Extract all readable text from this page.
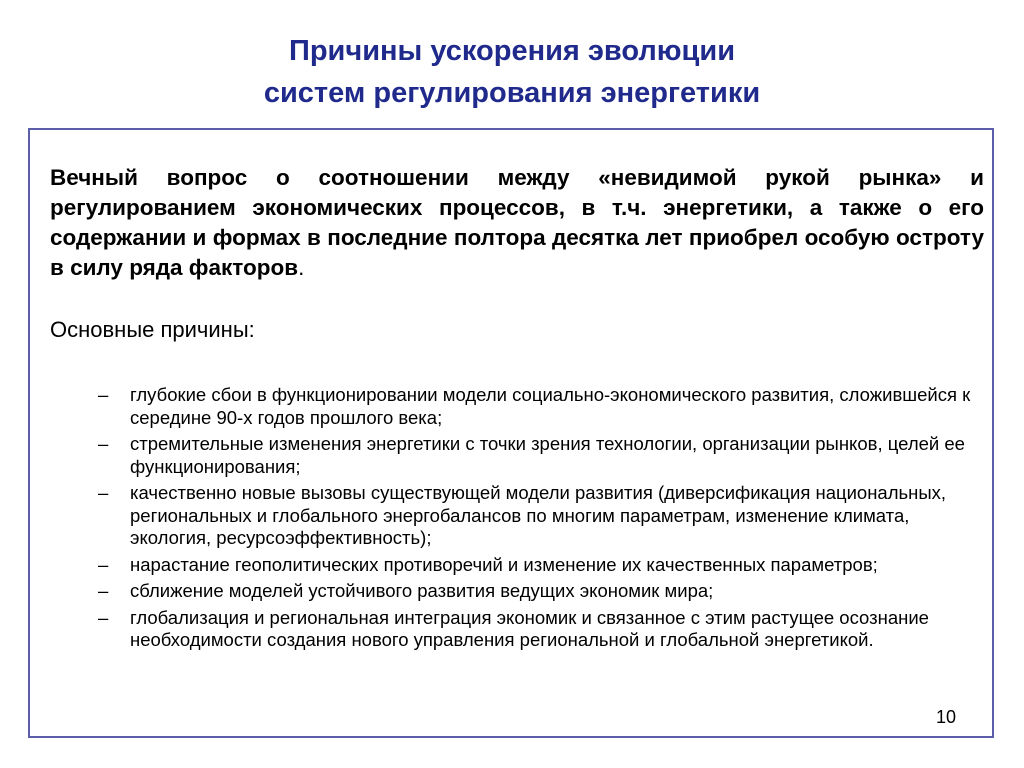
Причины ускорения эволюции
систем регулирования энергетики

Вечный вопрос о соотношении между «невидимой рукой рынка» и регулированием экономических процессов, в т.ч. энергетики, а также о его содержании и формах в последние полтора десятка лет приобрел особую остроту в силу ряда факторов.

Основные причины:

– глубокие сбои в функционировании модели социально-экономического развития, сложившейся к середине 90-х годов прошлого века;
– стремительные изменения энергетики с точки зрения технологии, организации рынков, целей ее функционирования;
– качественно новые вызовы существующей модели развития (диверсификация национальных, региональных и глобального энергобалансов по многим параметрам, изменение климата, экология, ресурсоэффективность);
– нарастание геополитических противоречий и изменение их качественных параметров;
– сближение моделей устойчивого развития ведущих экономик мира;
– глобализация и региональная интеграция экономик и связанное с этим растущее осознание необходимости создания нового управления региональной и глобальной энергетикой.
10
